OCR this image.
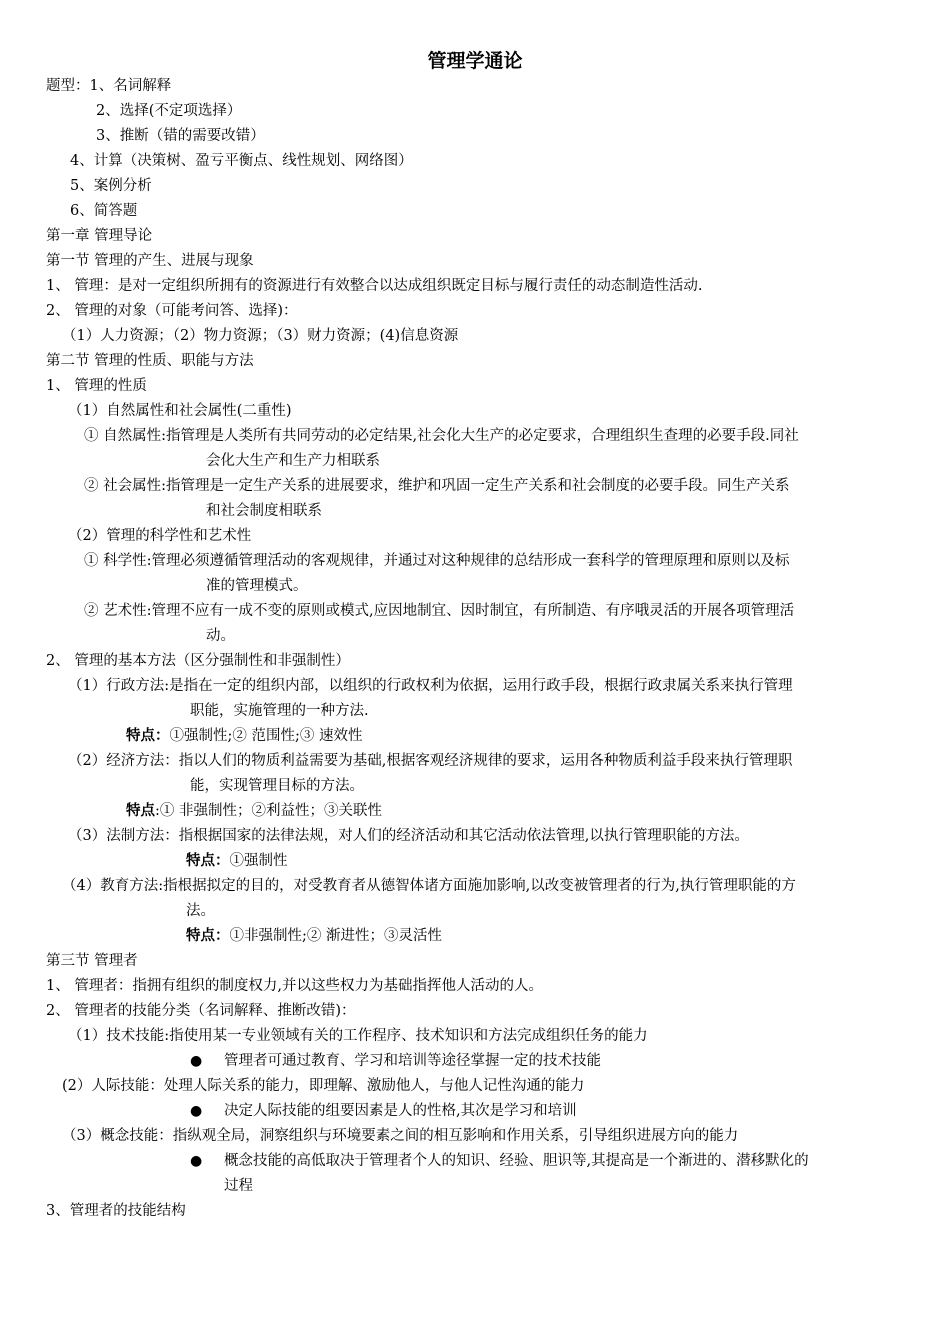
管理学通论
题型：1、名词解释
2、选择(不定项选择）
3、推断（错的需要改错）
4、计算（决策树、盈亏平衡点、线性规划、网络图）
5、案例分析
6、简答题
第一章 管理导论
第一节 管理的产生、进展与现象
1、 管理：是对一定组织所拥有的资源进行有效整合以达成组织既定目标与履行责任的动态制造性活动.
2、 管理的对象（可能考问答、选择)：
（1）人力资源；（2）物力资源；（3）财力资源；(4)信息资源
第二节 管理的性质、职能与方法
1、 管理的性质
（1）自然属性和社会属性(二重性)
① 自然属性:指管理是人类所有共同劳动的必定结果,社会化大生产的必定要求，合理组织生查理的必要手段.同社
会化大生产和生产力相联系
② 社会属性:指管理是一定生产关系的进展要求，维护和巩固一定生产关系和社会制度的必要手段。同生产关系
和社会制度相联系
（2）管理的科学性和艺术性
① 科学性:管理必须遵循管理活动的客观规律，并通过对这种规律的总结形成一套科学的管理原理和原则以及标
准的管理模式。
② 艺术性:管理不应有一成不变的原则或模式,应因地制宜、因时制宜，有所制造、有序哦灵活的开展各项管理活
动。
2、 管理的基本方法（区分强制性和非强制性）
（1）行政方法:是指在一定的组织内部，以组织的行政权利为依据，运用行政手段，根据行政隶属关系来执行管理
职能，实施管理的一种方法.
特点：①强制性;② 范围性;③ 速效性
（2）经济方法：指以人们的物质利益需要为基础,根据客观经济规律的要求，运用各种物质利益手段来执行管理职
能，实现管理目标的方法。
特点:① 非强制性；②利益性；③关联性
（3）法制方法：指根据国家的法律法规，对人们的经济活动和其它活动依法管理,以执行管理职能的方法。
特点：①强制性
（4）教育方法:指根据拟定的目的，对受教育者从德智体诸方面施加影响,以改变被管理者的行为,执行管理职能的方
法。
特点：①非强制性;② 渐进性；③灵活性
第三节 管理者
1、 管理者：指拥有组织的制度权力,并以这些权力为基础指挥他人活动的人。
2、 管理者的技能分类（名词解释、推断改错)：
（1）技术技能:指使用某一专业领域有关的工作程序、技术知识和方法完成组织任务的能力
● 管理者可通过教育、学习和培训等途径掌握一定的技术技能
(2）人际技能：处理人际关系的能力，即理解、激励他人，与他人记性沟通的能力
● 决定人际技能的组要因素是人的性格,其次是学习和培训
（3）概念技能：指纵观全局，洞察组织与环境要素之间的相互影响和作用关系，引导组织进展方向的能力
● 概念技能的高低取决于管理者个人的知识、经验、胆识等,其提高是一个渐进的、潜移默化的
过程
3、管理者的技能结构
